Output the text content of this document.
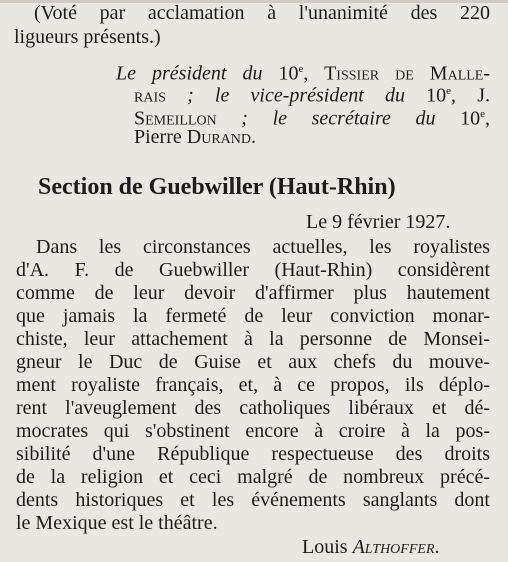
(Voté par acclamation à l'unanimité des 220
ligueurs présents.)
Le président du 10e, Tissier de Malle-
rais ; le vice-président du 10e, J.
Semeillon ; le secrétaire du 10e,
Pierre Durand.
Section de Guebwiller (Haut-Rhin)
Le 9 février 1927.
Dans les circonstances actuelles, les royalistes
d'A. F. de Guebwiller (Haut-Rhin) considèrent
comme de leur devoir d'affirmer plus hautement
que jamais la fermeté de leur conviction monar-
chiste, leur attachement à la personne de Monsei-
gneur le Duc de Guise et aux chefs du mouve-
ment royaliste français, et, à ce propos, ils déplo-
rent l'aveuglement des catholiques libéraux et dé-
mocrates qui s'obstinent encore à croire à la pos-
sibilité d'une République respectueuse des droits
de la religion et ceci malgré de nombreux précé-
dents historiques et les événements sanglants dont
le Mexique est le théâtre.
Louis Althoffer.
